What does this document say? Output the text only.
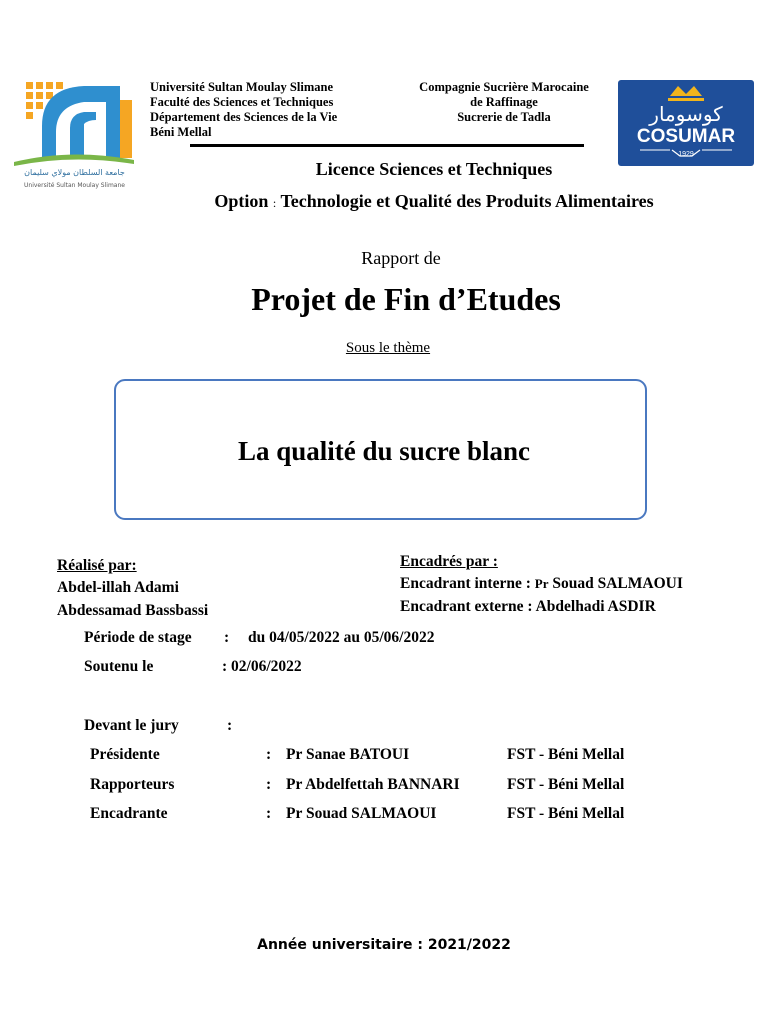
جامعة السلطان مولاي سليمان
Université Sultan Moulay Slimane
Université Sultan Moulay Slimane
Faculté des Sciences et Techniques
Département des Sciences de la Vie
Béni Mellal
Compagnie Sucrière Marocaine
de Raffinage
Sucrerie de Tadla	كوسومار
COSUMAR
1929
Licence Sciences et Techniques
Option : Technologie et Qualité des Produits Alimentaires
Rapport de
Projet de Fin d’Etudes
Sous le thème
La qualité du sucre blanc
Réalisé par:
Abdel-illah Adami
Abdessamad Bassbassi
Encadrés par :
Encadrant interne : Pr Souad SALMAOUI
Encadrant externe : Abdelhadi ASDIR
Période de stage : du 04/05/2022 au 05/06/2022
Soutenu le	: 02/06/2022
Devant le jury	:
Présidente	: Pr Sanae BATOUI	FST - Béni Mellal
Rapporteurs	: Pr Abdelfettah BANNARI	FST - Béni Mellal
Encadrante	: Pr Souad SALMAOUI	FST - Béni Mellal
Année universitaire : 2021/2022
